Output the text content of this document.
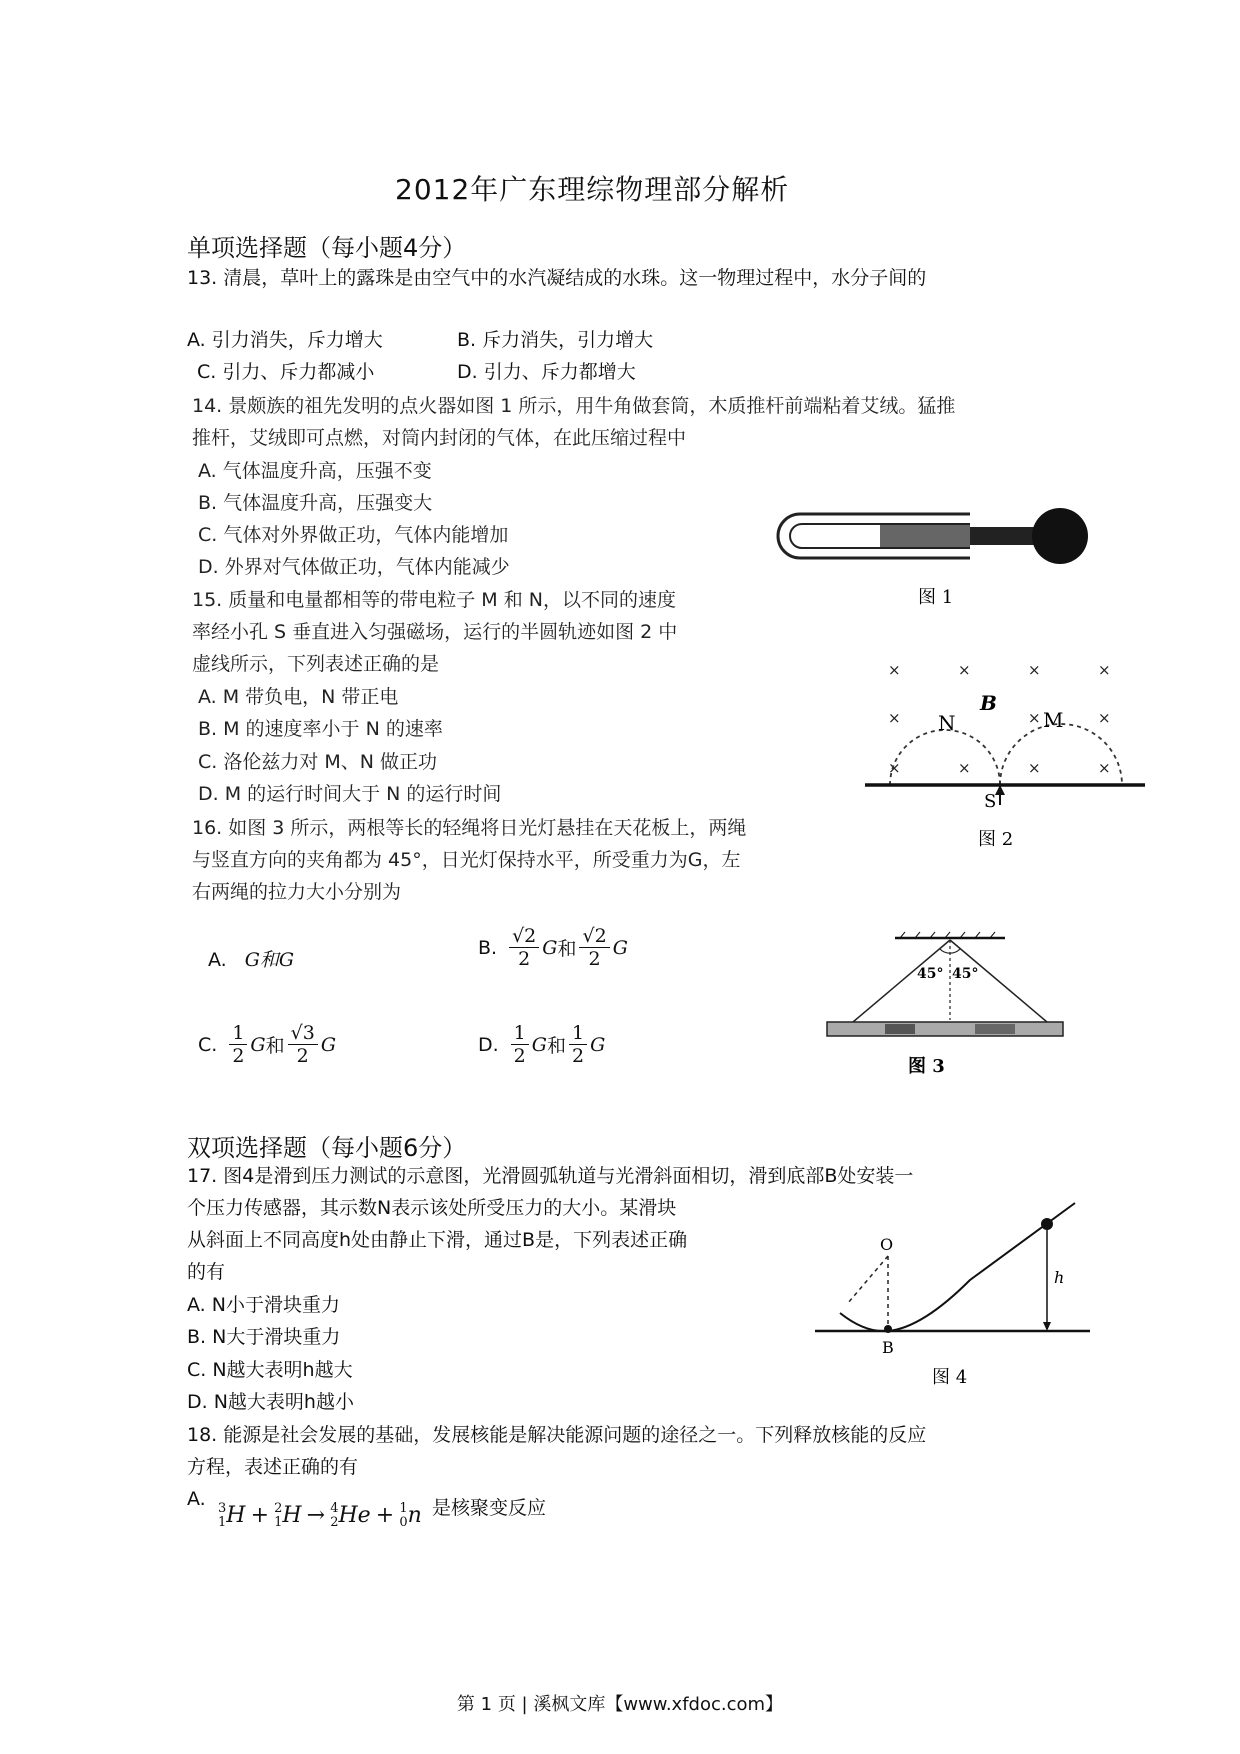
2012年广东理综物理部分解析
单项选择题（每小题4分）
13. 清晨，草叶上的露珠是由空气中的水汽凝结成的水珠。这一物理过程中，水分子间的
A. 引力消失，斥力增大	B. 斥力消失，引力增大
C. 引力、斥力都减小	D. 引力、斥力都增大
14. 景颇族的祖先发明的点火器如图 1 所示，用牛角做套筒，木质推杆前端粘着艾绒。猛推
推杆，艾绒即可点燃，对筒内封闭的气体，在此压缩过程中
A. 气体温度升高，压强不变
B. 气体温度升高，压强变大
C. 气体对外界做正功，气体内能增加
D. 外界对气体做正功，气体内能减少
15. 质量和电量都相等的带电粒子 M 和 N，以不同的速度
率经小孔 S 垂直进入匀强磁场，运行的半圆轨迹如图 2 中
虚线所示，下列表述正确的是
A. M 带负电，N 带正电
B. M 的速度率小于 N 的速率
C. 洛伦兹力对 M、N 做正功
D. M 的运行时间大于 N 的运行时间
16. 如图 3 所示，两根等长的轻绳将日光灯悬挂在天花板上，两绳
与竖直方向的夹角都为 45°，日光灯保持水平，所受重力为G，左
右两绳的拉力大小分别为
A. G和G
B. $\frac{√2}{2}$ G 和 $\frac{√2}{2}$ G
C. $\frac{1}{2}$ G 和 $\frac{√3}{2}$ G	D. $\frac{1}{2}$ G 和 $\frac{1}{2}$ G
双项选择题（每小题6分）
17. 图4是滑到压力测试的示意图，光滑圆弧轨道与光滑斜面相切，滑到底部B处安装一
个压力传感器，其示数N表示该处所受压力的大小。某滑块
从斜面上不同高度h处由静止下滑，通过B是，下列表述正确
的有
A. N小于滑块重力
B. N大于滑块重力
C. N越大表明h越大
D. N越大表明h越小
18. 能源是社会发展的基础，发展核能是解决能源问题的途径之一。下列释放核能的反应
方程，表述正确的有
A. 3
1 H + 2
1 H → 4
2 He + 1
0 n 是核聚变反应
图 1
×	×	×	×
×	×	×
×	×	×	×
S
N	M
B
图 2
45° 45°
图 3
O
B
h
图 4
第 1 页 | 溪枫文库【www.xfdoc.com】
